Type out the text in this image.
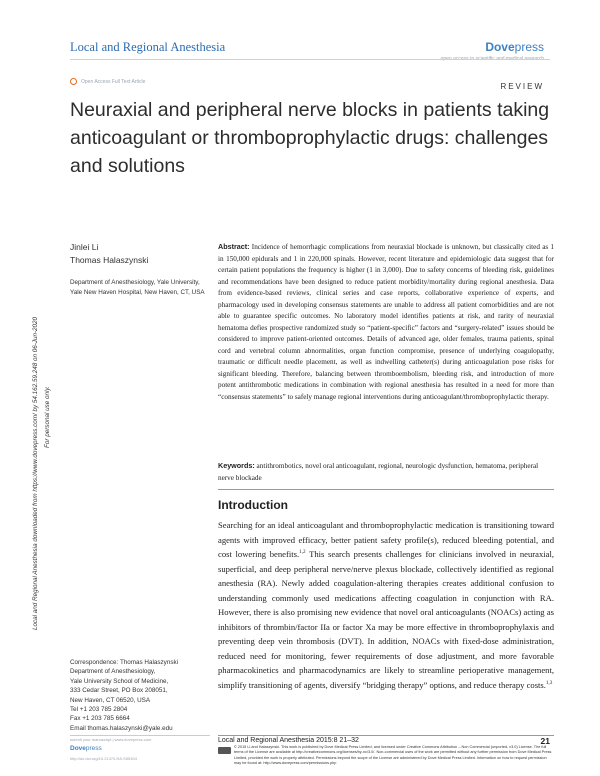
Local and Regional Anesthesia	Dovepress
Open Access Full Text Article
REVIEW
Neuraxial and peripheral nerve blocks in patients taking anticoagulant or thromboprophylactic drugs: challenges and solutions
Local and Regional Anesthesia downloaded from https://www.dovepress.com/ by 54.162.59.248 on 06-Jun-2020 For personal use only.
Jinlei Li
Thomas Halaszynski
Department of Anesthesiology, Yale University, Yale New Haven Hospital, New Haven, CT, USA
Abstract: Incidence of hemorrhagic complications from neuraxial blockade is unknown, but classically cited as 1 in 150,000 epidurals and 1 in 220,000 spinals. However, recent literature and epidemiologic data suggest that for certain patient populations the frequency is higher (1 in 3,000). Due to safety concerns of bleeding risk, guidelines and recommendations have been designed to reduce patient morbidity/mortality during regional anesthesia. Data from evidence-based reviews, clinical series and case reports, collaborative experience of experts, and pharmacology used in developing consensus statements are unable to address all patient comorbidities and are not able to guarantee specific outcomes. No laboratory model identifies patients at risk, and rarity of neuraxial hematoma defies prospective randomized study so “patient-specific” factors and “surgery-related” issues should be considered to improve patient-oriented outcomes. Details of advanced age, older females, trauma patients, spinal cord and vertebral column abnormalities, organ function compromise, presence of underlying coagulopathy, traumatic or difficult needle placement, as well as indwelling catheter(s) during anticoagulation pose risks for significant bleeding. Therefore, balancing between thromboembolism, bleeding risk, and introduction of more potent antithrombotic medications in combination with regional anesthesia has resulted in a need for more than “consensus statements” to safely manage regional interventions during anticoagulant/thromboprophylactic therapy.
Keywords: antithrombotics, novel oral anticoagulant, regional, neurologic dysfunction, hematoma, peripheral nerve blockade
Introduction
Searching for an ideal anticoagulant and thromboprophylactic medication is transitioning toward agents with improved efficacy, better patient safety profile(s), reduced bleeding potential, and cost lowering benefits.$^{1,2}$ This search presents challenges for clinicians involved in neuraxial, superficial, and deep peripheral nerve/nerve plexus blockade, collectively identified as regional anesthesia (RA). Newly added coagulation-altering therapies creates additional confusion to understanding commonly used medications affecting coagulation in conjunction with RA. However, there is also promising new evidence that novel oral anticoagulants (NOACs) acting as inhibitors of thrombin/factor IIa or factor Xa may be more effective in thromboprophylaxis and preventing deep vein thrombosis (DVT). In addition, NOACs with fixed-dose administration, reduced need for monitoring, fewer requirements of dose adjustment, and more favorable pharmacokinetics and pharmacodynamics are likely to streamline perioperative management, simplify transitioning of agents, diversify “bridging therapy” options, and reduce therapy costs.$^{1,3}$
Correspondence: Thomas Halaszynski
Department of Anesthesiology,
Yale University School of Medicine,
333 Cedar Street, PO Box 208051,
New Haven, CT 06520, USA
Tel +1 203 785 2804
Fax +1 203 785 6664
Email thomas.halaszynski@yale.edu
submit your manuscript | www.dovepress.com	Local and Regional Anesthesia 2015:8 21–32	21
Dovepress
http://dx.doi.org/10.2147/LRA.S55304
© 2015 Li and Halaszynski. This work is published by Dove Medical Press Limited, and licensed under Creative Commons Attribution – Non Commercial (unported, v3.0) License. The full terms of the License are available at http://creativecommons.org/licenses/by-nc/3.0/. Non-commercial uses of the work are permitted without any further permission from Dove Medical Press Limited, provided the work is properly attributed. Permissions beyond the scope of the License are administered by Dove Medical Press Limited. Information on how to request permission may be found at: http://www.dovepress.com/permissions.php
